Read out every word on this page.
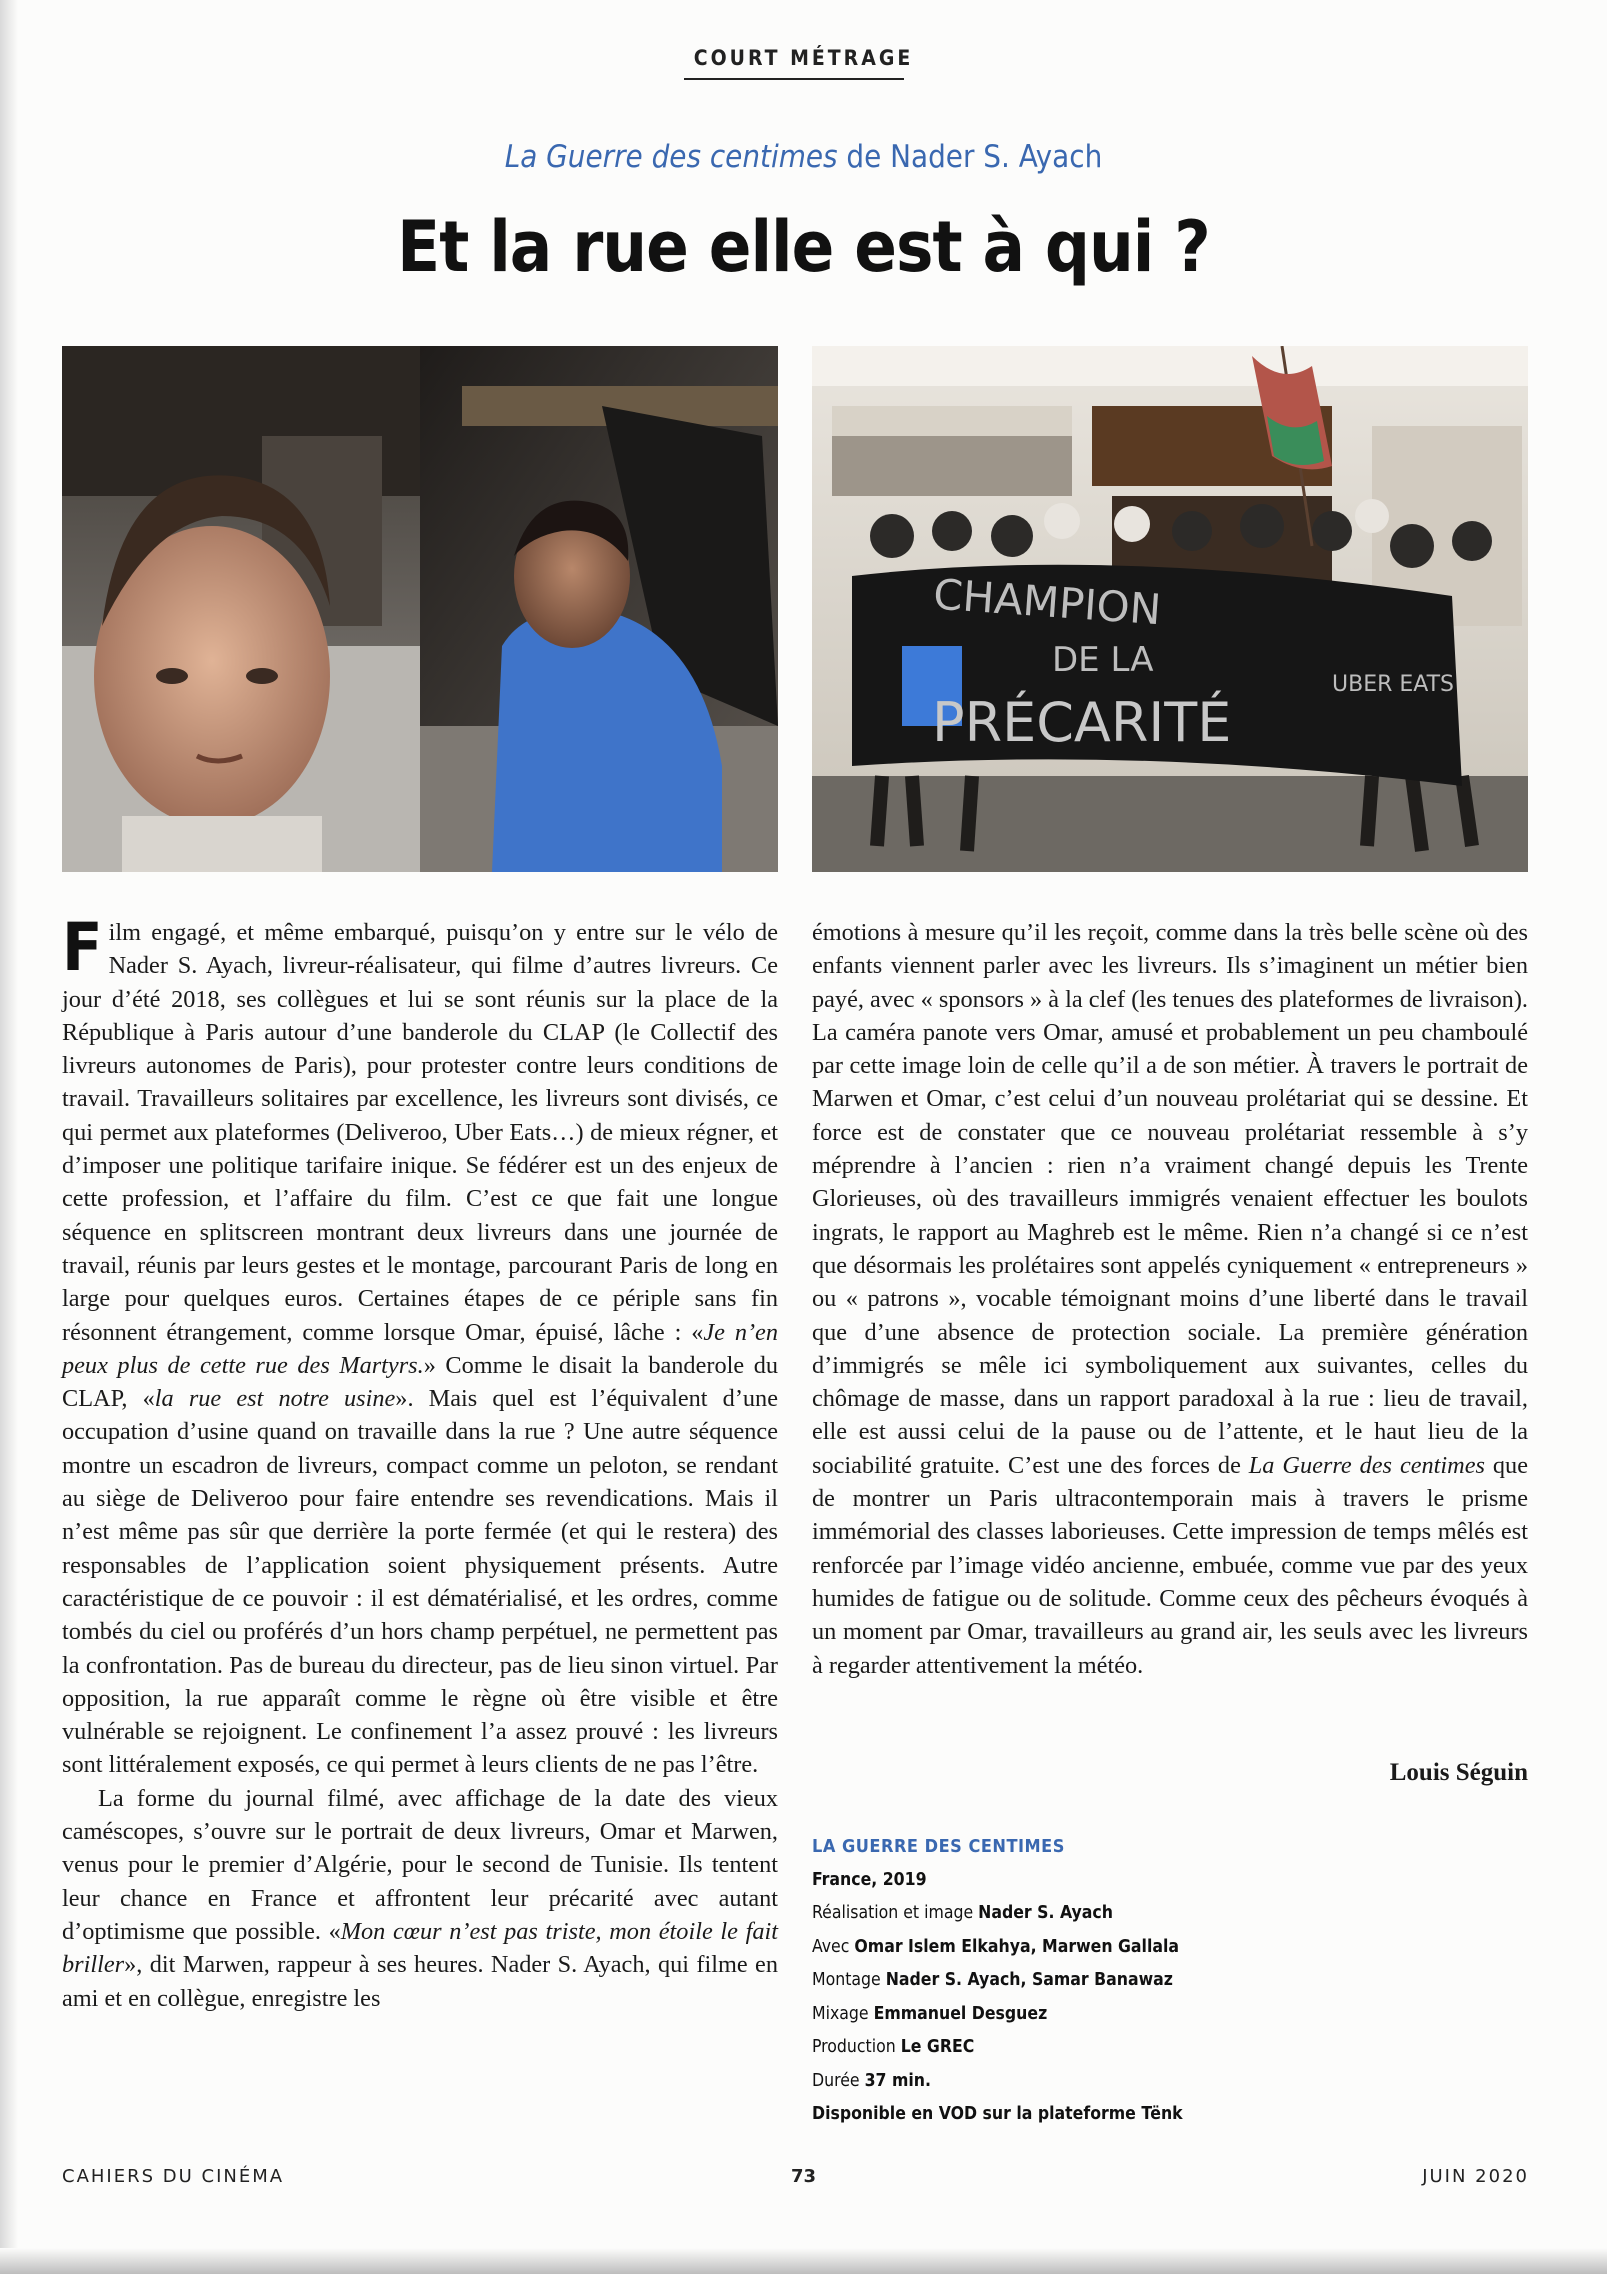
COURT MÉTRAGE
La Guerre des centimes de Nader S. Ayach
Et la rue elle est à qui ?
CHAMPION
DE LA
PRÉCARITÉ
UBER EATS

Film engagé, et même embarqué, puisqu’on y entre sur le vélo de Nader S. Ayach, livreur-réalisateur, qui filme d’autres livreurs. Ce jour d’été 2018, ses collègues et lui se sont réunis sur la place de la République à Paris autour d’une banderole du CLAP (le Collectif des livreurs autonomes de Paris), pour protester contre leurs conditions de travail. Travailleurs solitaires par excellence, les livreurs sont divisés, ce qui permet aux plateformes (Deliveroo, Uber Eats…) de mieux régner, et d’imposer une politique tarifaire inique. Se fédérer est un des enjeux de cette profession, et l’affaire du film. C’est ce que fait une longue séquence en splitscreen montrant deux livreurs dans une journée de travail, réunis par leurs gestes et le montage, parcourant Paris de long en large pour quelques euros. Certaines étapes de ce périple sans fin résonnent étrangement, comme lorsque Omar, épuisé, lâche : «Je n’en peux plus de cette rue des Martyrs.» Comme le disait la banderole du CLAP, «la rue est notre usine». Mais quel est l’équivalent d’une occupation d’usine quand on travaille dans la rue ? Une autre séquence montre un escadron de livreurs, compact comme un peloton, se rendant au siège de Deliveroo pour faire entendre ses revendications. Mais il n’est même pas sûr que derrière la porte fermée (et qui le restera) des responsables de l’application soient physiquement présents. Autre caractéristique de ce pouvoir : il est dématérialisé, et les ordres, comme tombés du ciel ou proférés d’un hors champ perpétuel, ne permettent pas la confrontation. Pas de bureau du directeur, pas de lieu sinon virtuel. Par opposition, la rue apparaît comme le règne où être visible et être vulnérable se rejoignent. Le confinement l’a assez prouvé : les livreurs sont littéralement exposés, ce qui permet à leurs clients de ne pas l’être.

La forme du journal filmé, avec affichage de la date des vieux caméscopes, s’ouvre sur le portrait de deux livreurs, Omar et Marwen, venus pour le premier d’Algérie, pour le second de Tunisie. Ils tentent leur chance en France et affrontent leur précarité avec autant d’optimisme que possible. «Mon cœur n’est pas triste, mon étoile le fait briller», dit Marwen, rappeur à ses heures. Nader S. Ayach, qui filme en ami et en collègue, enregistre les

émotions à mesure qu’il les reçoit, comme dans la très belle scène où des enfants viennent parler avec les livreurs. Ils s’imaginent un métier bien payé, avec « sponsors » à la clef (les tenues des plateformes de livraison). La caméra panote vers Omar, amusé et probablement un peu chamboulé par cette image loin de celle qu’il a de son métier. À travers le portrait de Marwen et Omar, c’est celui d’un nouveau prolétariat qui se dessine. Et force est de constater que ce nouveau prolétariat ressemble à s’y méprendre à l’ancien : rien n’a vraiment changé depuis les Trente Glorieuses, où des travailleurs immigrés venaient effectuer les boulots ingrats, le rapport au Maghreb est le même. Rien n’a changé si ce n’est que désormais les prolétaires sont appelés cyniquement « entrepreneurs » ou « patrons », vocable témoignant moins d’une liberté dans le travail que d’une absence de protection sociale. La première génération d’immigrés se mêle ici symboliquement aux suivantes, celles du chômage de masse, dans un rapport paradoxal à la rue : lieu de travail, elle est aussi celui de la pause ou de l’attente, et le haut lieu de la sociabilité gratuite. C’est une des forces de La Guerre des centimes que de montrer un Paris ultracontemporain mais à travers le prisme immémorial des classes laborieuses. Cette impression de temps mêlés est renforcée par l’image vidéo ancienne, embuée, comme vue par des yeux humides de fatigue ou de solitude. Comme ceux des pêcheurs évoqués à un moment par Omar, travailleurs au grand air, les seuls avec les livreurs à regarder attentivement la météo.

Louis Séguin
LA GUERRE DES CENTIMES
France, 2019
Réalisation et image Nader S. Ayach
Avec Omar Islem Elkahya, Marwen Gallala
Montage Nader S. Ayach, Samar Banawaz
Mixage Emmanuel Desguez
Production Le GREC
Durée 37 min.
Disponible en VOD sur la plateforme Tënk
CAHIERS DU CINÉMA	73	JUIN 2020
